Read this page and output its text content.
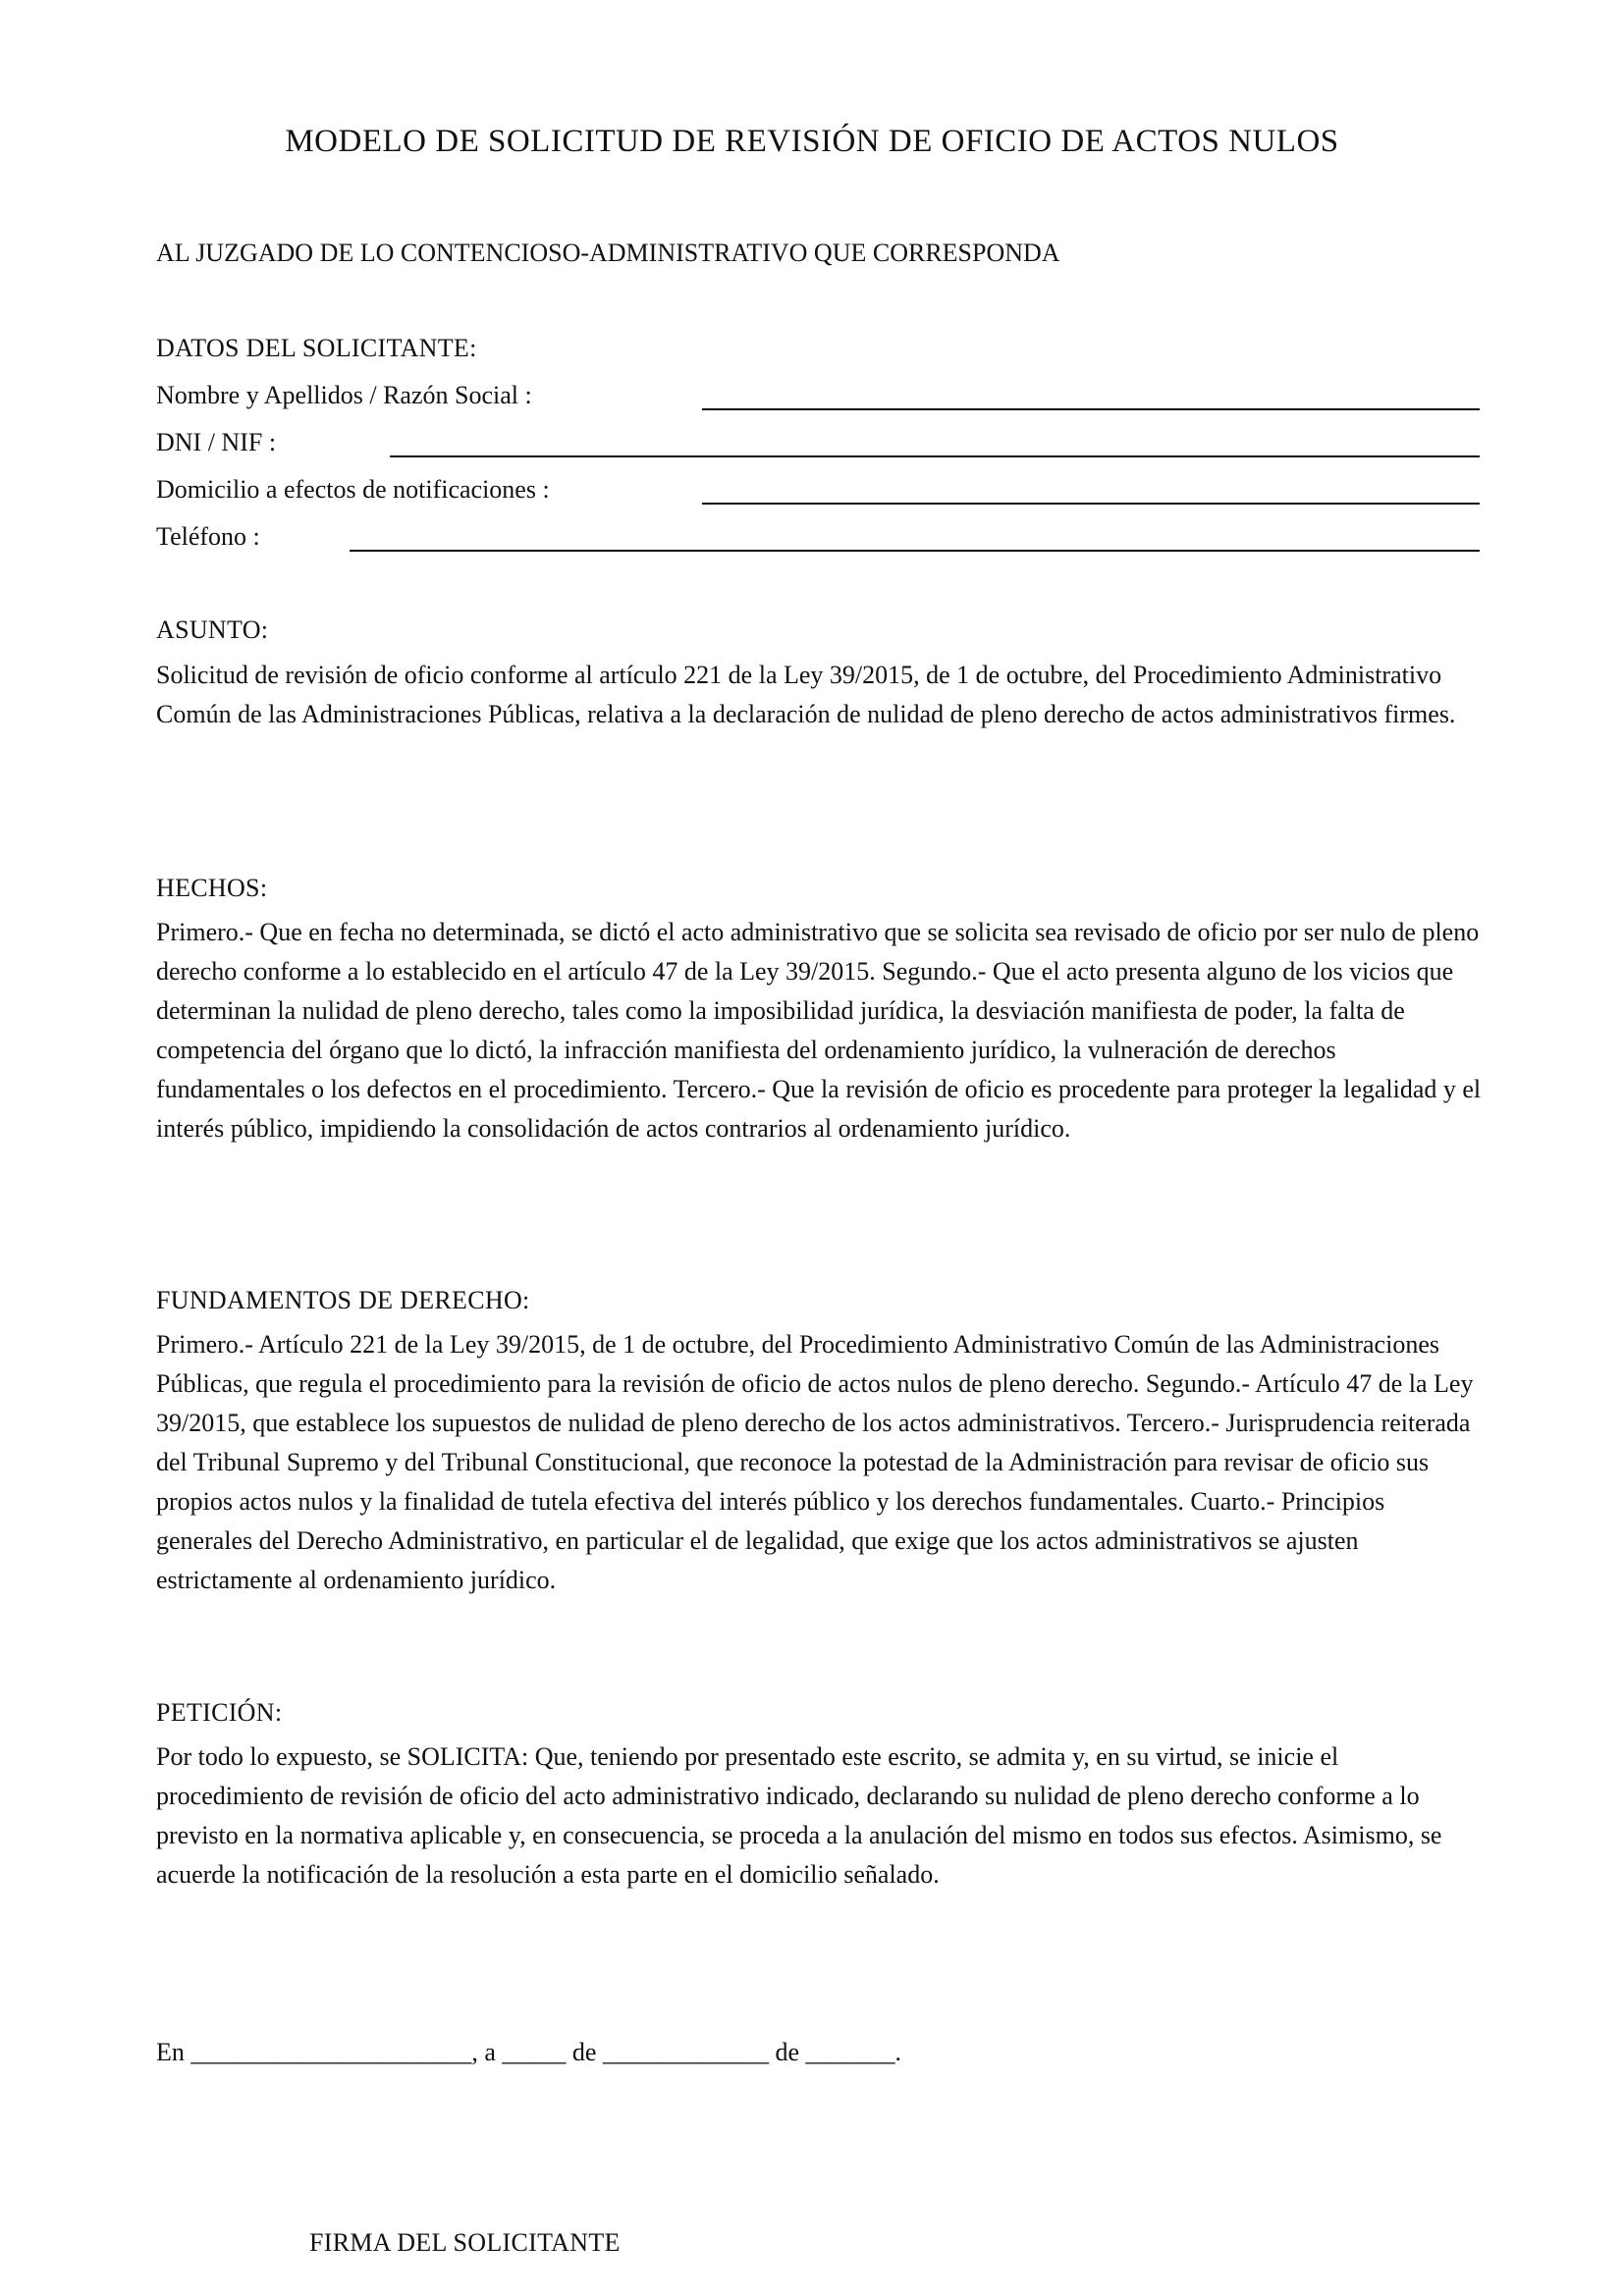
MODELO DE SOLICITUD DE REVISIÓN DE OFICIO DE ACTOS NULOS

AL JUZGADO DE LO CONTENCIOSO-ADMINISTRATIVO QUE CORRESPONDA

DATOS DEL SOLICITANTE:
Nombre y Apellidos / Razón Social :
DNI / NIF :
Domicilio a efectos de notificaciones :
Teléfono :
ASUNTO:

Solicitud de revisión de oficio conforme al artículo 221 de la Ley 39/2015, de 1 de octubre, del Procedimiento Administrativo Común de las Administraciones Públicas, relativa a la declaración de nulidad de pleno derecho de actos administrativos firmes.

HECHOS:

Primero.- Que en fecha no determinada, se dictó el acto administrativo que se solicita sea revisado de oficio por ser nulo de pleno derecho conforme a lo establecido en el artículo 47 de la Ley 39/2015. Segundo.- Que el acto presenta alguno de los vicios que determinan la nulidad de pleno derecho, tales como la imposibilidad jurídica, la desviación manifiesta de poder, la falta de competencia del órgano que lo dictó, la infracción manifiesta del ordenamiento jurídico, la vulneración de derechos fundamentales o los defectos en el procedimiento. Tercero.- Que la revisión de oficio es procedente para proteger la legalidad y el interés público, impidiendo la consolidación de actos contrarios al ordenamiento jurídico.

FUNDAMENTOS DE DERECHO:

Primero.- Artículo 221 de la Ley 39/2015, de 1 de octubre, del Procedimiento Administrativo Común de las Administraciones Públicas, que regula el procedimiento para la revisión de oficio de actos nulos de pleno derecho. Segundo.- Artículo 47 de la Ley 39/2015, que establece los supuestos de nulidad de pleno derecho de los actos administrativos. Tercero.- Jurisprudencia reiterada del Tribunal Supremo y del Tribunal Constitucional, que reconoce la potestad de la Administración para revisar de oficio sus propios actos nulos y la finalidad de tutela efectiva del interés público y los derechos fundamentales. Cuarto.- Principios generales del Derecho Administrativo, en particular el de legalidad, que exige que los actos administrativos se ajusten estrictamente al ordenamiento jurídico.

PETICIÓN:

Por todo lo expuesto, se SOLICITA: Que, teniendo por presentado este escrito, se admita y, en su virtud, se inicie el procedimiento de revisión de oficio del acto administrativo indicado, declarando su nulidad de pleno derecho conforme a lo previsto en la normativa aplicable y, en consecuencia, se proceda a la anulación del mismo en todos sus efectos. Asimismo, se acuerde la notificación de la resolución a esta parte en el domicilio señalado.

En ______________________, a _____ de _____________ de _______.

FIRMA DEL SOLICITANTE
